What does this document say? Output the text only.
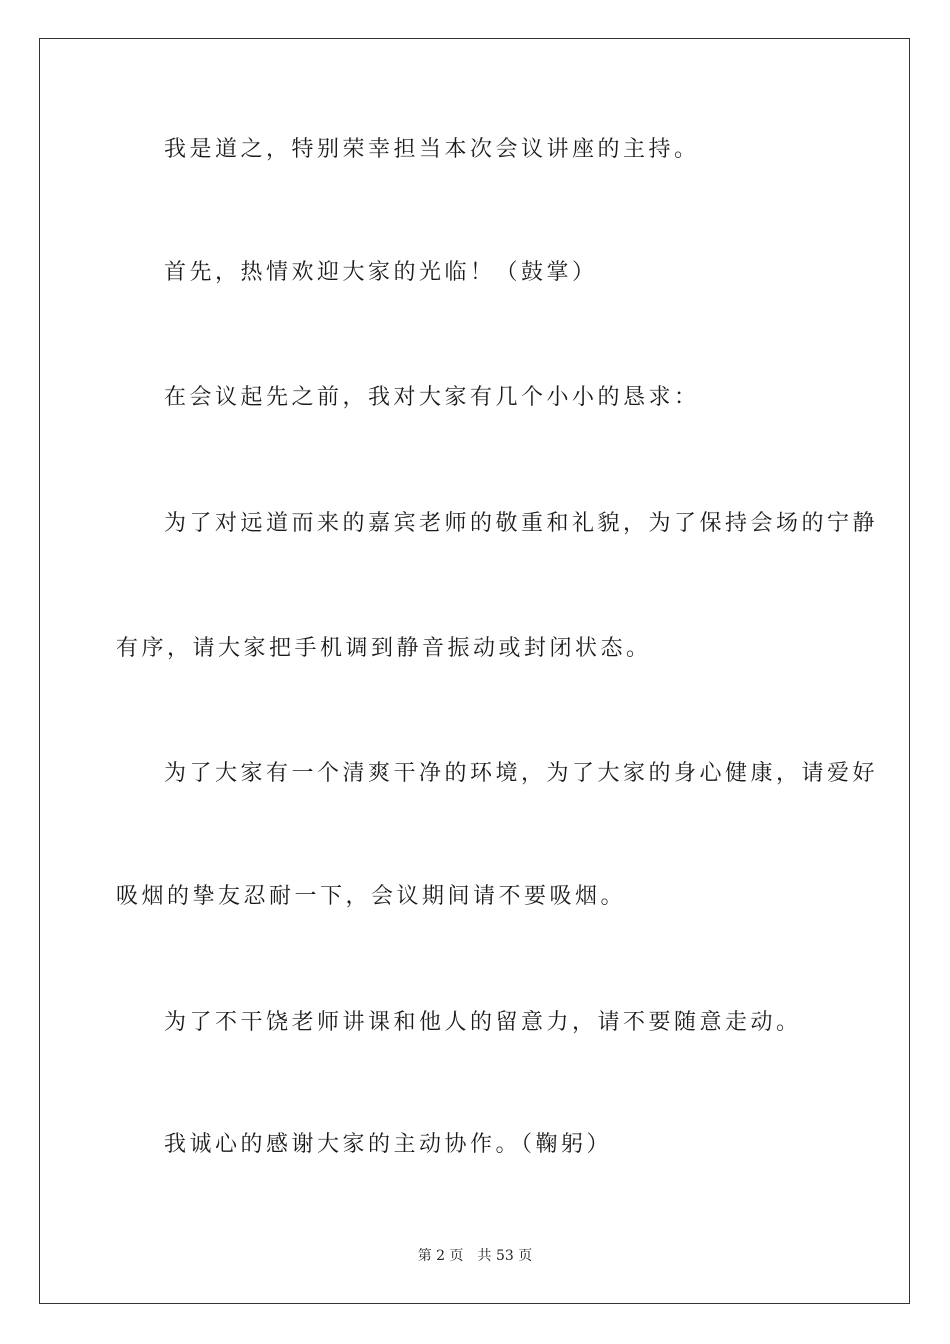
我是道之，特别荣幸担当本次会议讲座的主持。

首先，热情欢迎大家的光临！（鼓掌）

在会议起先之前，我对大家有几个小小的恳求：

为了对远道而来的嘉宾老师的敬重和礼貌，为了保持会场的宁静

有序，请大家把手机调到静音振动或封闭状态。

为了大家有一个清爽干净的环境，为了大家的身心健康，请爱好

吸烟的挚友忍耐一下，会议期间请不要吸烟。

为了不干饶老师讲课和他人的留意力，请不要随意走动。

我诚心的感谢大家的主动协作。（鞠躬）

第 2 页 共 53 页
